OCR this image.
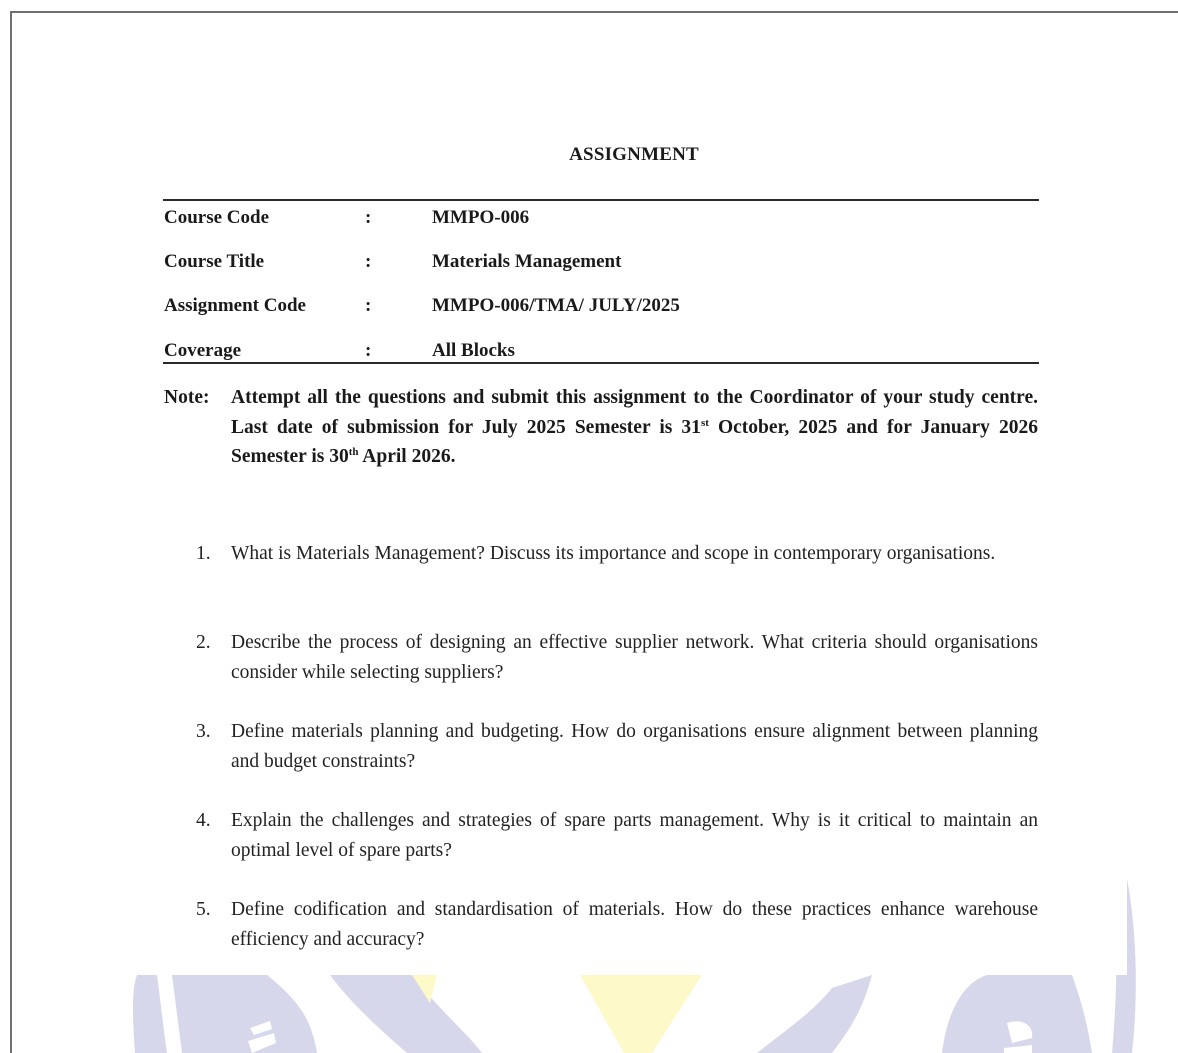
ASSIGNMENT
Course Code	:	MMPO-006
Course Title	:	Materials Management
Assignment Code	:	MMPO-006/TMA/ JULY/2025
Coverage	:	All Blocks
Note: Attempt all the questions and submit this assignment to the Coordinator of your study centre. Last date of submission for July 2025 Semester is 31st October, 2025 and for January 2026 Semester is 30th April 2026.
1. What is Materials Management? Discuss its importance and scope in contemporary organisations.
2. Describe the process of designing an effective supplier network. What criteria should organisations consider while selecting suppliers?
3. Define materials planning and budgeting. How do organisations ensure alignment between planning and budget constraints?
4. Explain the challenges and strategies of spare parts management. Why is it critical to maintain an optimal level of spare parts?
5. Define codification and standardisation of materials. How do these practices enhance warehouse efficiency and accuracy?
